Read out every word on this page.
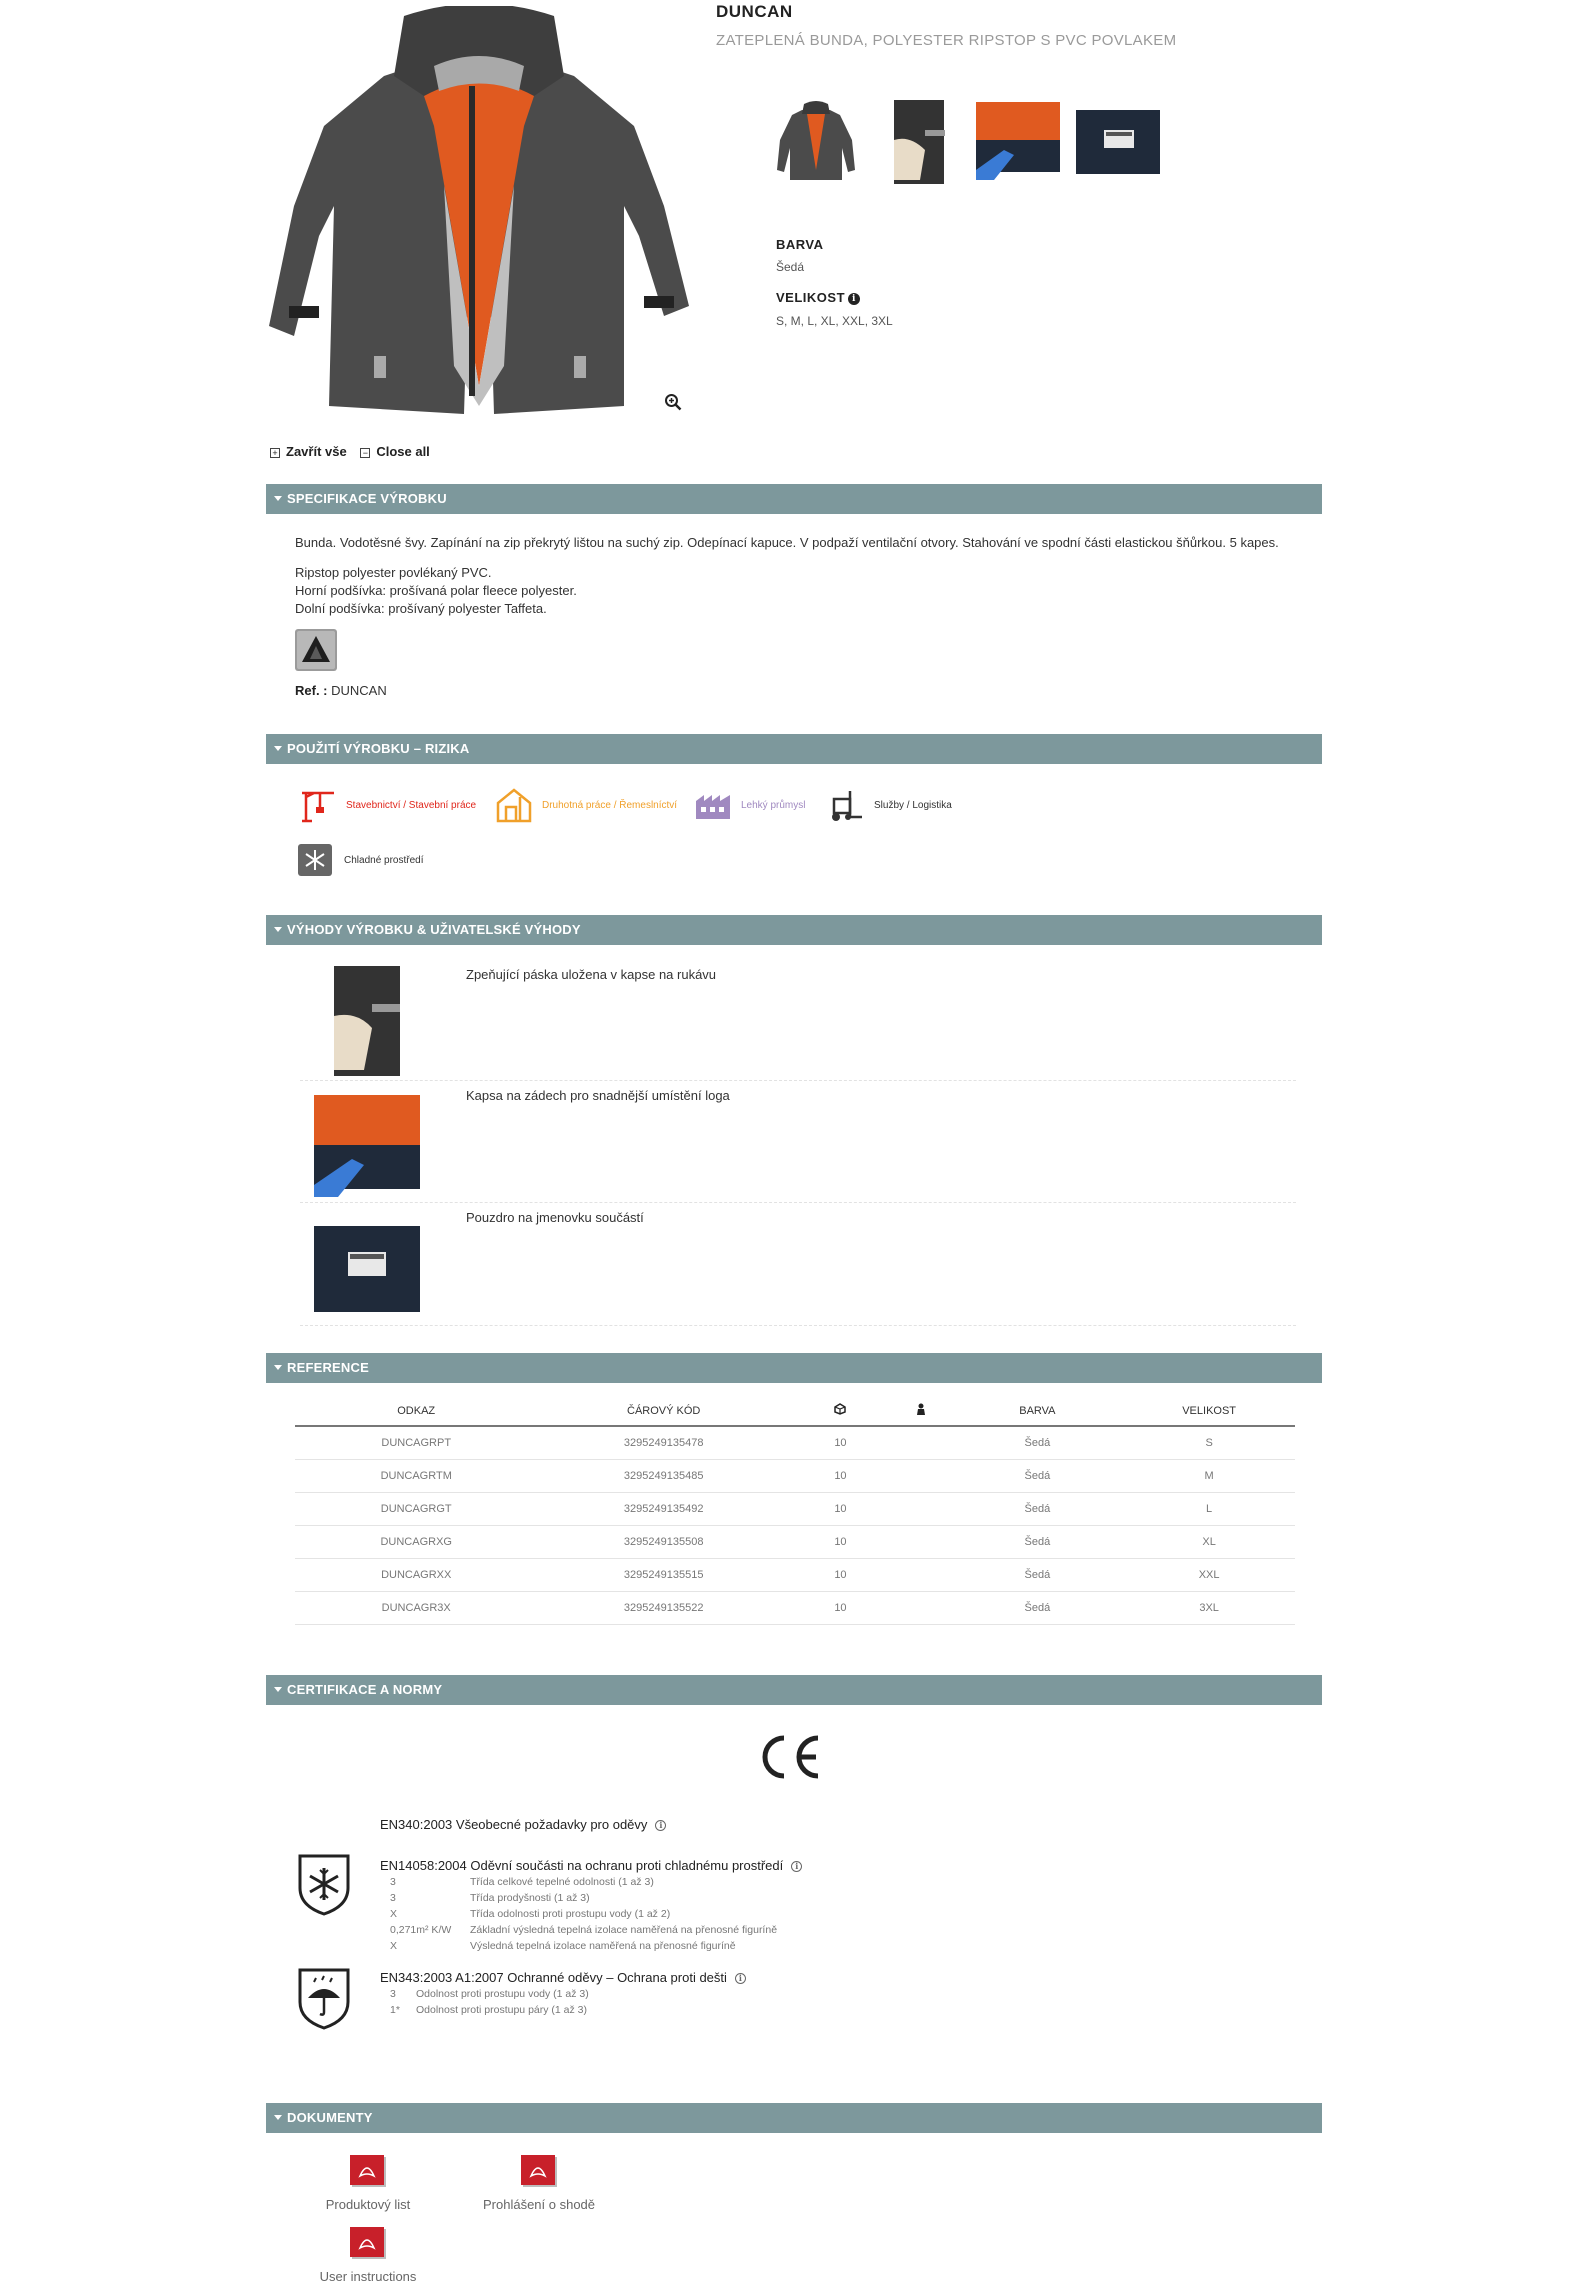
DUNCAN
ZATEPLENÁ BUNDA, POLYESTER RIPSTOP S PVC POVLAKEM
BARVA
Šedá
VELIKOST i
S, M, L, XL, XXL, 3XL
+ Zavřít vše − Close all
SPECIFIKACE VÝROBKU
Bunda. Vodotěsné švy. Zapínání na zip překrytý lištou na suchý zip. Odepínací kapuce. V podpaží ventilační otvory. Stahování ve spodní části elastickou šňůrkou. 5 kapes.
Ripstop polyester povlékaný PVC.
Horní podšívka: prošívaná polar fleece polyester.
Dolní podšívka: prošívaný polyester Taffeta.
Ref. : DUNCAN
POUŽITÍ VÝROBKU – RIZIKA
Stavebnictví / Stavební práce	Druhotná práce / Řemeslníctví	Lehký průmysl	Služby / Logistika
Chladné prostředí
VÝHODY VÝROBKU & UŽIVATELSKÉ VÝHODY
Zpeňující páska uložena v kapse na rukávu
Kapsa na zádech pro snadnější umístění loga
Pouzdro na jmenovku součástí
REFERENCE
ODKAZ	ČÁROVÝ KÓD			BARVA	VELIKOST
DUNCAGRPT	3295249135478	10		Šedá	S
DUNCAGRTM	3295249135485	10		Šedá	M
DUNCAGRGT	3295249135492	10		Šedá	L
DUNCAGRXG	3295249135508	10		Šedá	XL
DUNCAGRXX	3295249135515	10		Šedá	XXL
DUNCAGR3X	3295249135522	10		Šedá	3XL
CERTIFIKACE A NORMY
EN340:2003 Všeobecné požadavky pro oděvy i
EN14058:2004 Oděvní součásti na ochranu proti chladnému prostředí i
3	Třída celkové tepelné odolnosti (1 až 3)
3	Třída prodyšnosti (1 až 3)
X	Třída odolnosti proti prostupu vody (1 až 2)
0,271m² K/W Základní výsledná tepelná izolace naměřená na přenosné figuríně
X	Výsledná tepelná izolace naměřená na přenosné figuríně
EN343:2003 A1:2007 Ochranné oděvy – Ochrana proti dešti i
3 Odolnost proti prostupu vody (1 až 3)
1* Odolnost proti prostupu páry (1 až 3)
DOKUMENTY
Produktový list	Prohlášení o shodě
User instructions
